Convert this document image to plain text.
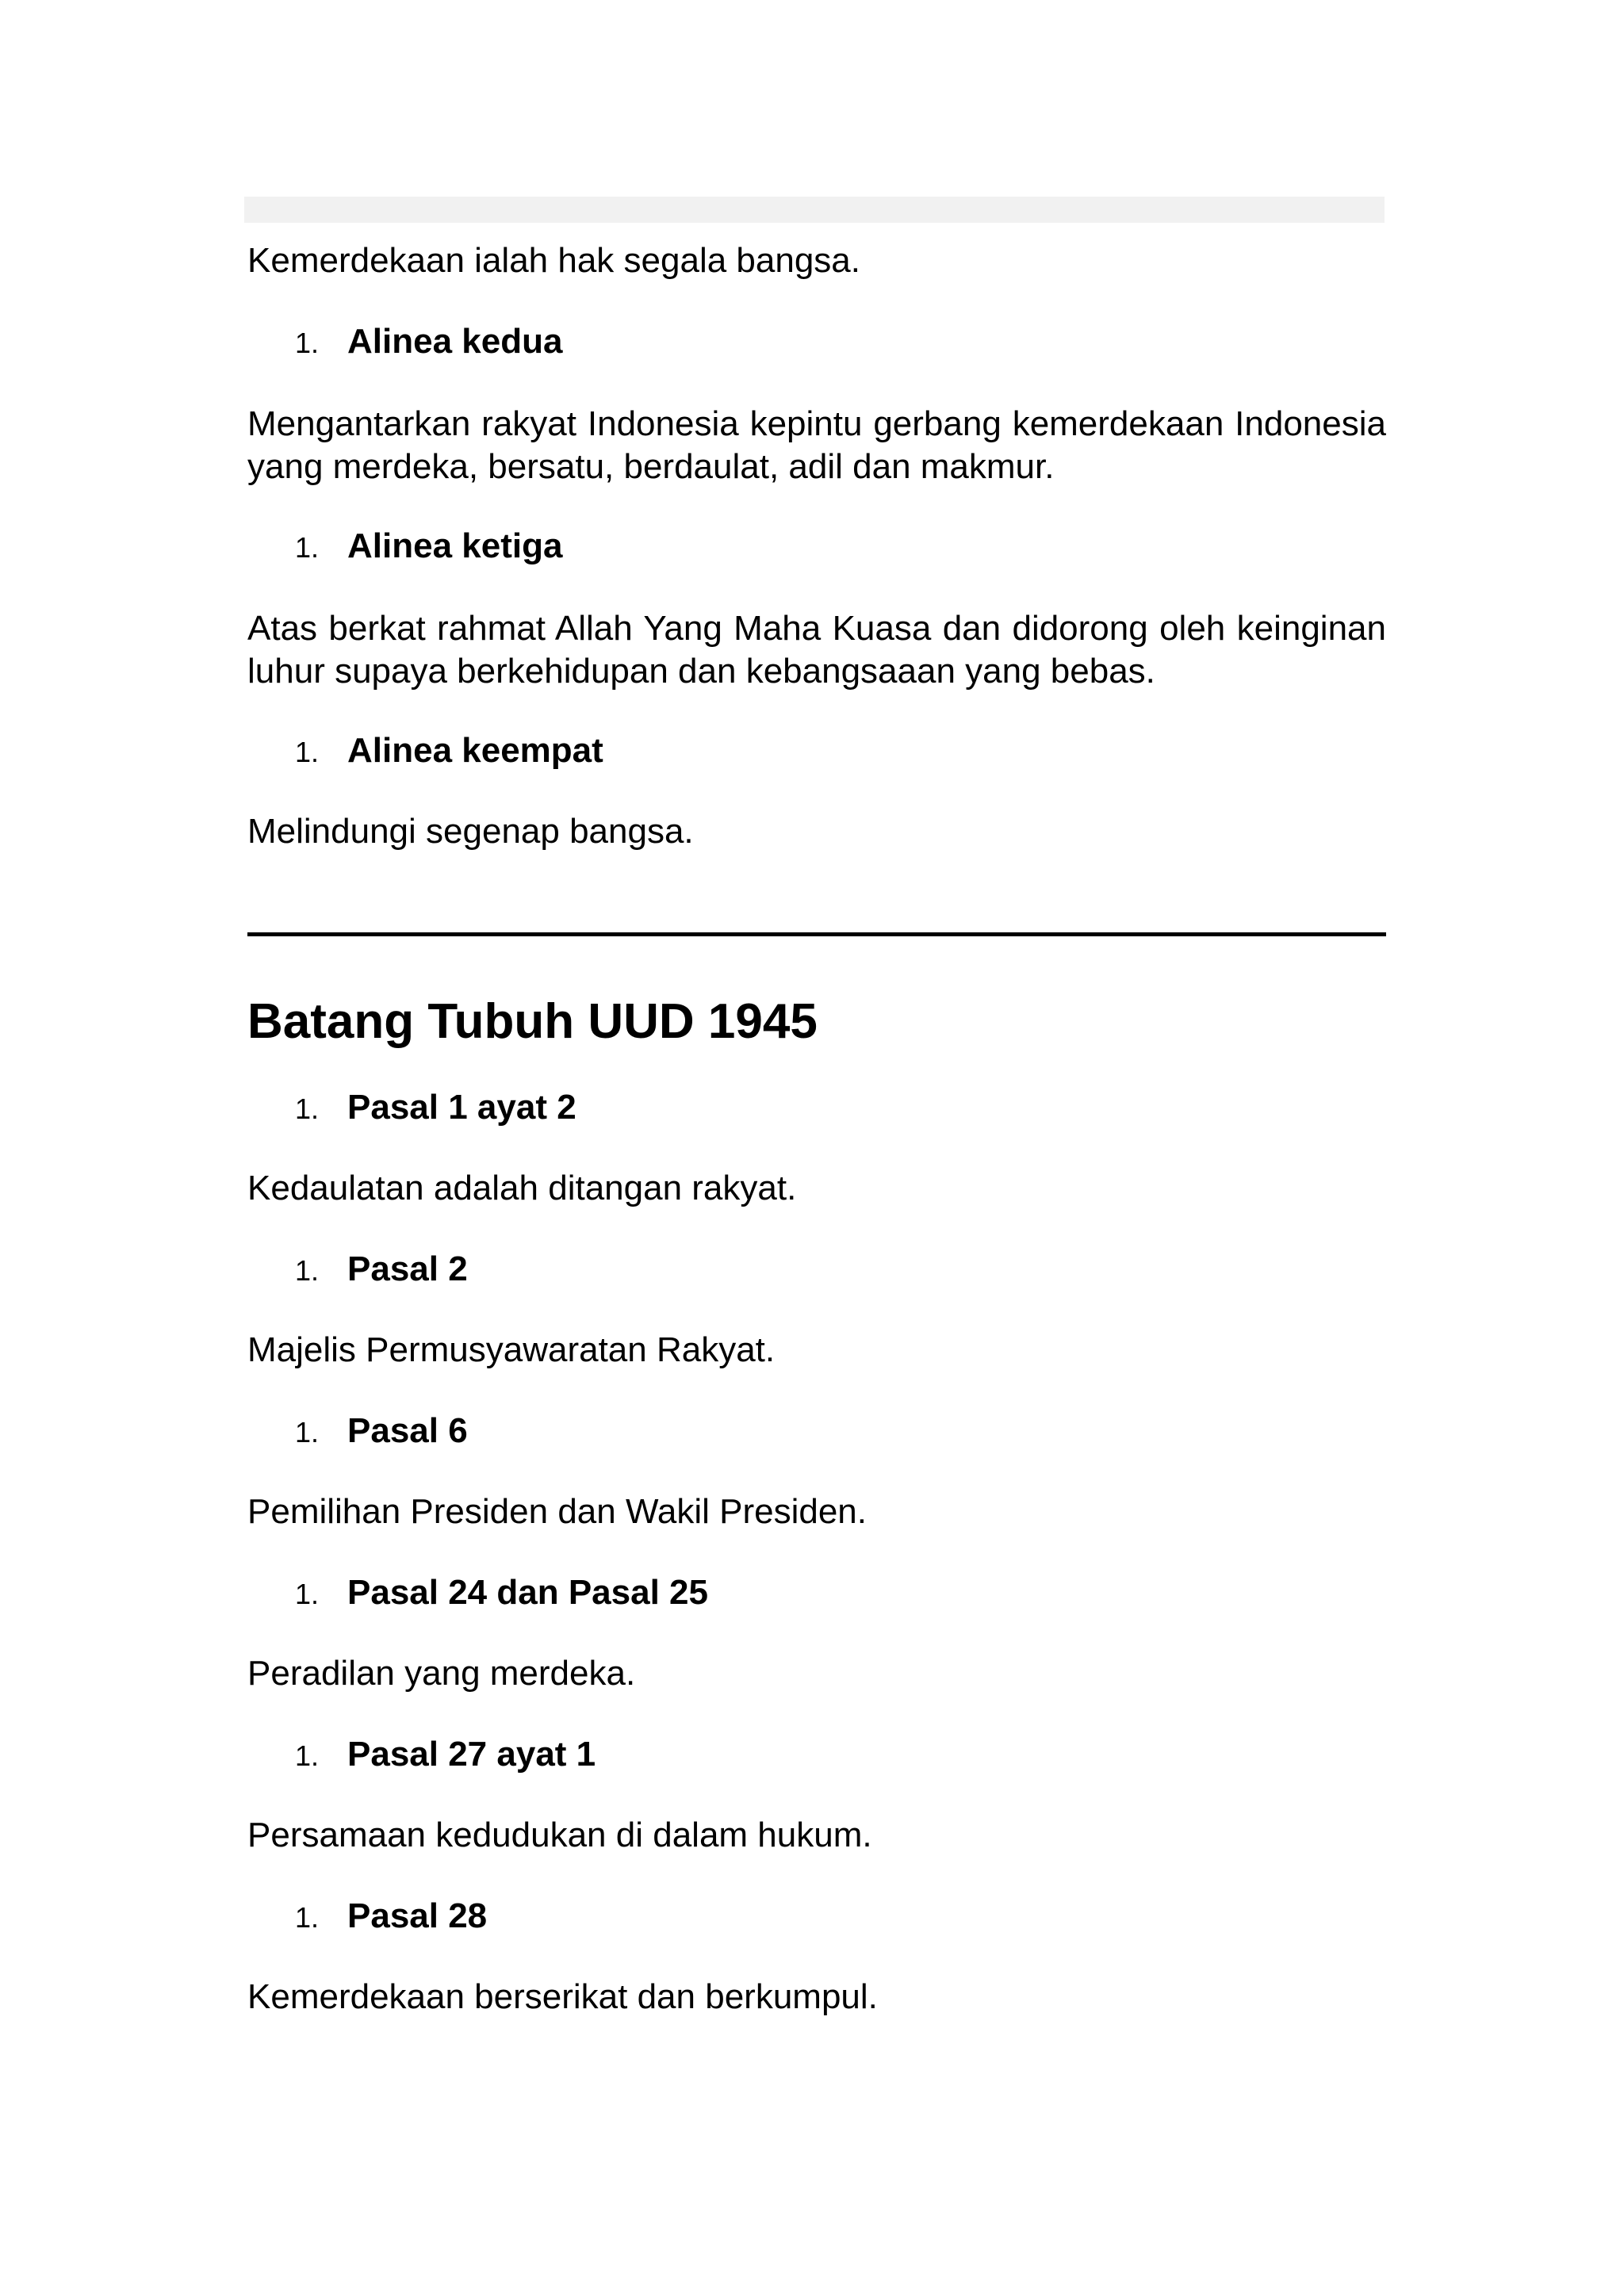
Kemerdekaan ialah hak segala bangsa.

1. Alinea kedua

Mengantarkan rakyat Indonesia kepintu gerbang kemerdekaan Indonesia yang merdeka, bersatu, berdaulat, adil dan makmur.

1. Alinea ketiga

Atas berkat rahmat Allah Yang Maha Kuasa dan didorong oleh keinginan luhur supaya berkehidupan dan kebangsaaan yang bebas.

1. Alinea keempat

Melindungi segenap bangsa.

Batang Tubuh UUD 1945
1. Pasal 1 ayat 2

Kedaulatan adalah ditangan rakyat.

1. Pasal 2

Majelis Permusyawaratan Rakyat.

1. Pasal 6

Pemilihan Presiden dan Wakil Presiden.

1. Pasal 24 dan Pasal 25

Peradilan yang merdeka.

1. Pasal 27 ayat 1

Persamaan kedudukan di dalam hukum.

1. Pasal 28

Kemerdekaan berserikat dan berkumpul.
